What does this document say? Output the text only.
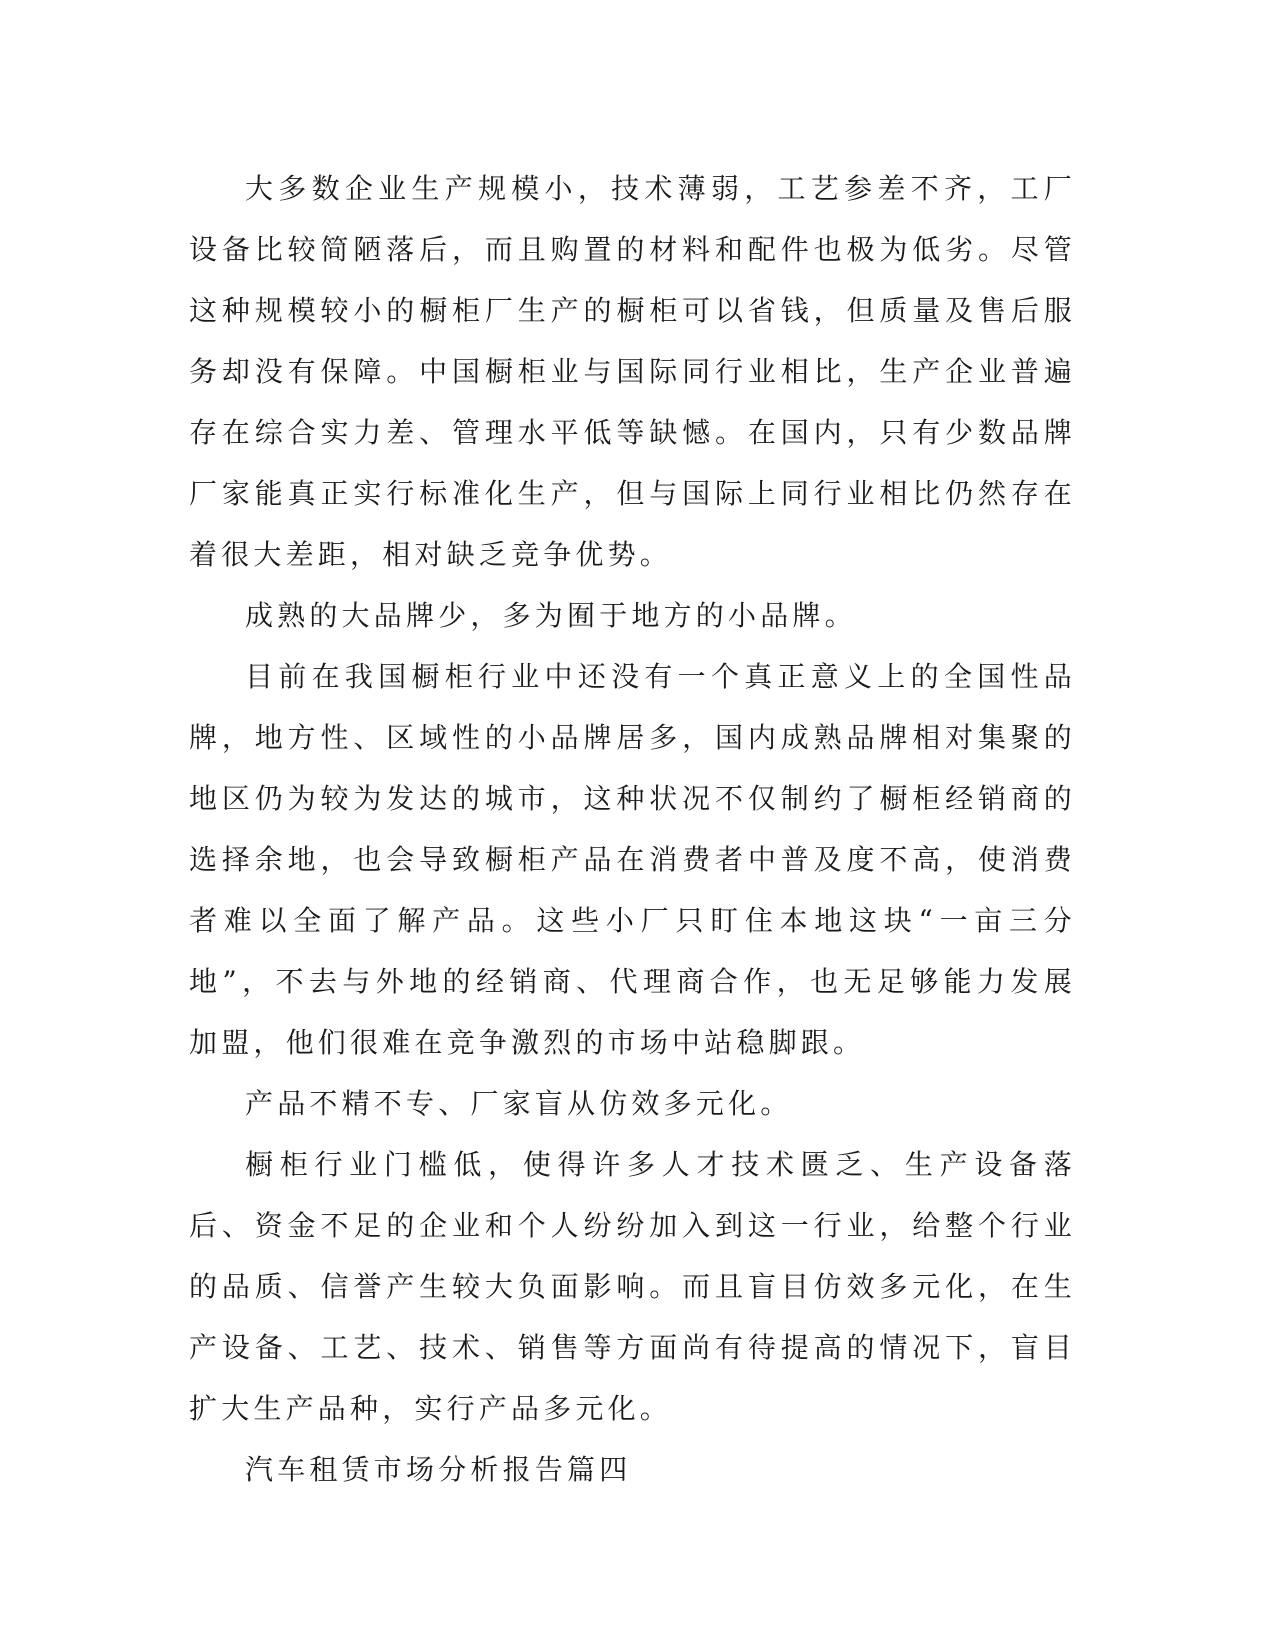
大多数企业生产规模小，技术薄弱，工艺参差不齐，工厂设备比较简陋落后，而且购置的材料和配件也极为低劣。尽管这种规模较小的橱柜厂生产的橱柜可以省钱，但质量及售后服务却没有保障。中国橱柜业与国际同行业相比，生产企业普遍存在综合实力差、管理水平低等缺憾。在国内，只有少数品牌厂家能真正实行标准化生产，但与国际上同行业相比仍然存在着很大差距，相对缺乏竞争优势。

成熟的大品牌少，多为囿于地方的小品牌。

目前在我国橱柜行业中还没有一个真正意义上的全国性品牌，地方性、区域性的小品牌居多，国内成熟品牌相对集聚的地区仍为较为发达的城市，这种状况不仅制约了橱柜经销商的选择余地，也会导致橱柜产品在消费者中普及度不高，使消费者难以全面了解产品。这些小厂只盯住本地这块“一亩三分地”，不去与外地的经销商、代理商合作，也无足够能力发展加盟，他们很难在竞争激烈的市场中站稳脚跟。

产品不精不专、厂家盲从仿效多元化。

橱柜行业门槛低，使得许多人才技术匮乏、生产设备落后、资金不足的企业和个人纷纷加入到这一行业，给整个行业的品质、信誉产生较大负面影响。而且盲目仿效多元化，在生产设备、工艺、技术、销售等方面尚有待提高的情况下，盲目扩大生产品种，实行产品多元化。

汽车租赁市场分析报告篇四
